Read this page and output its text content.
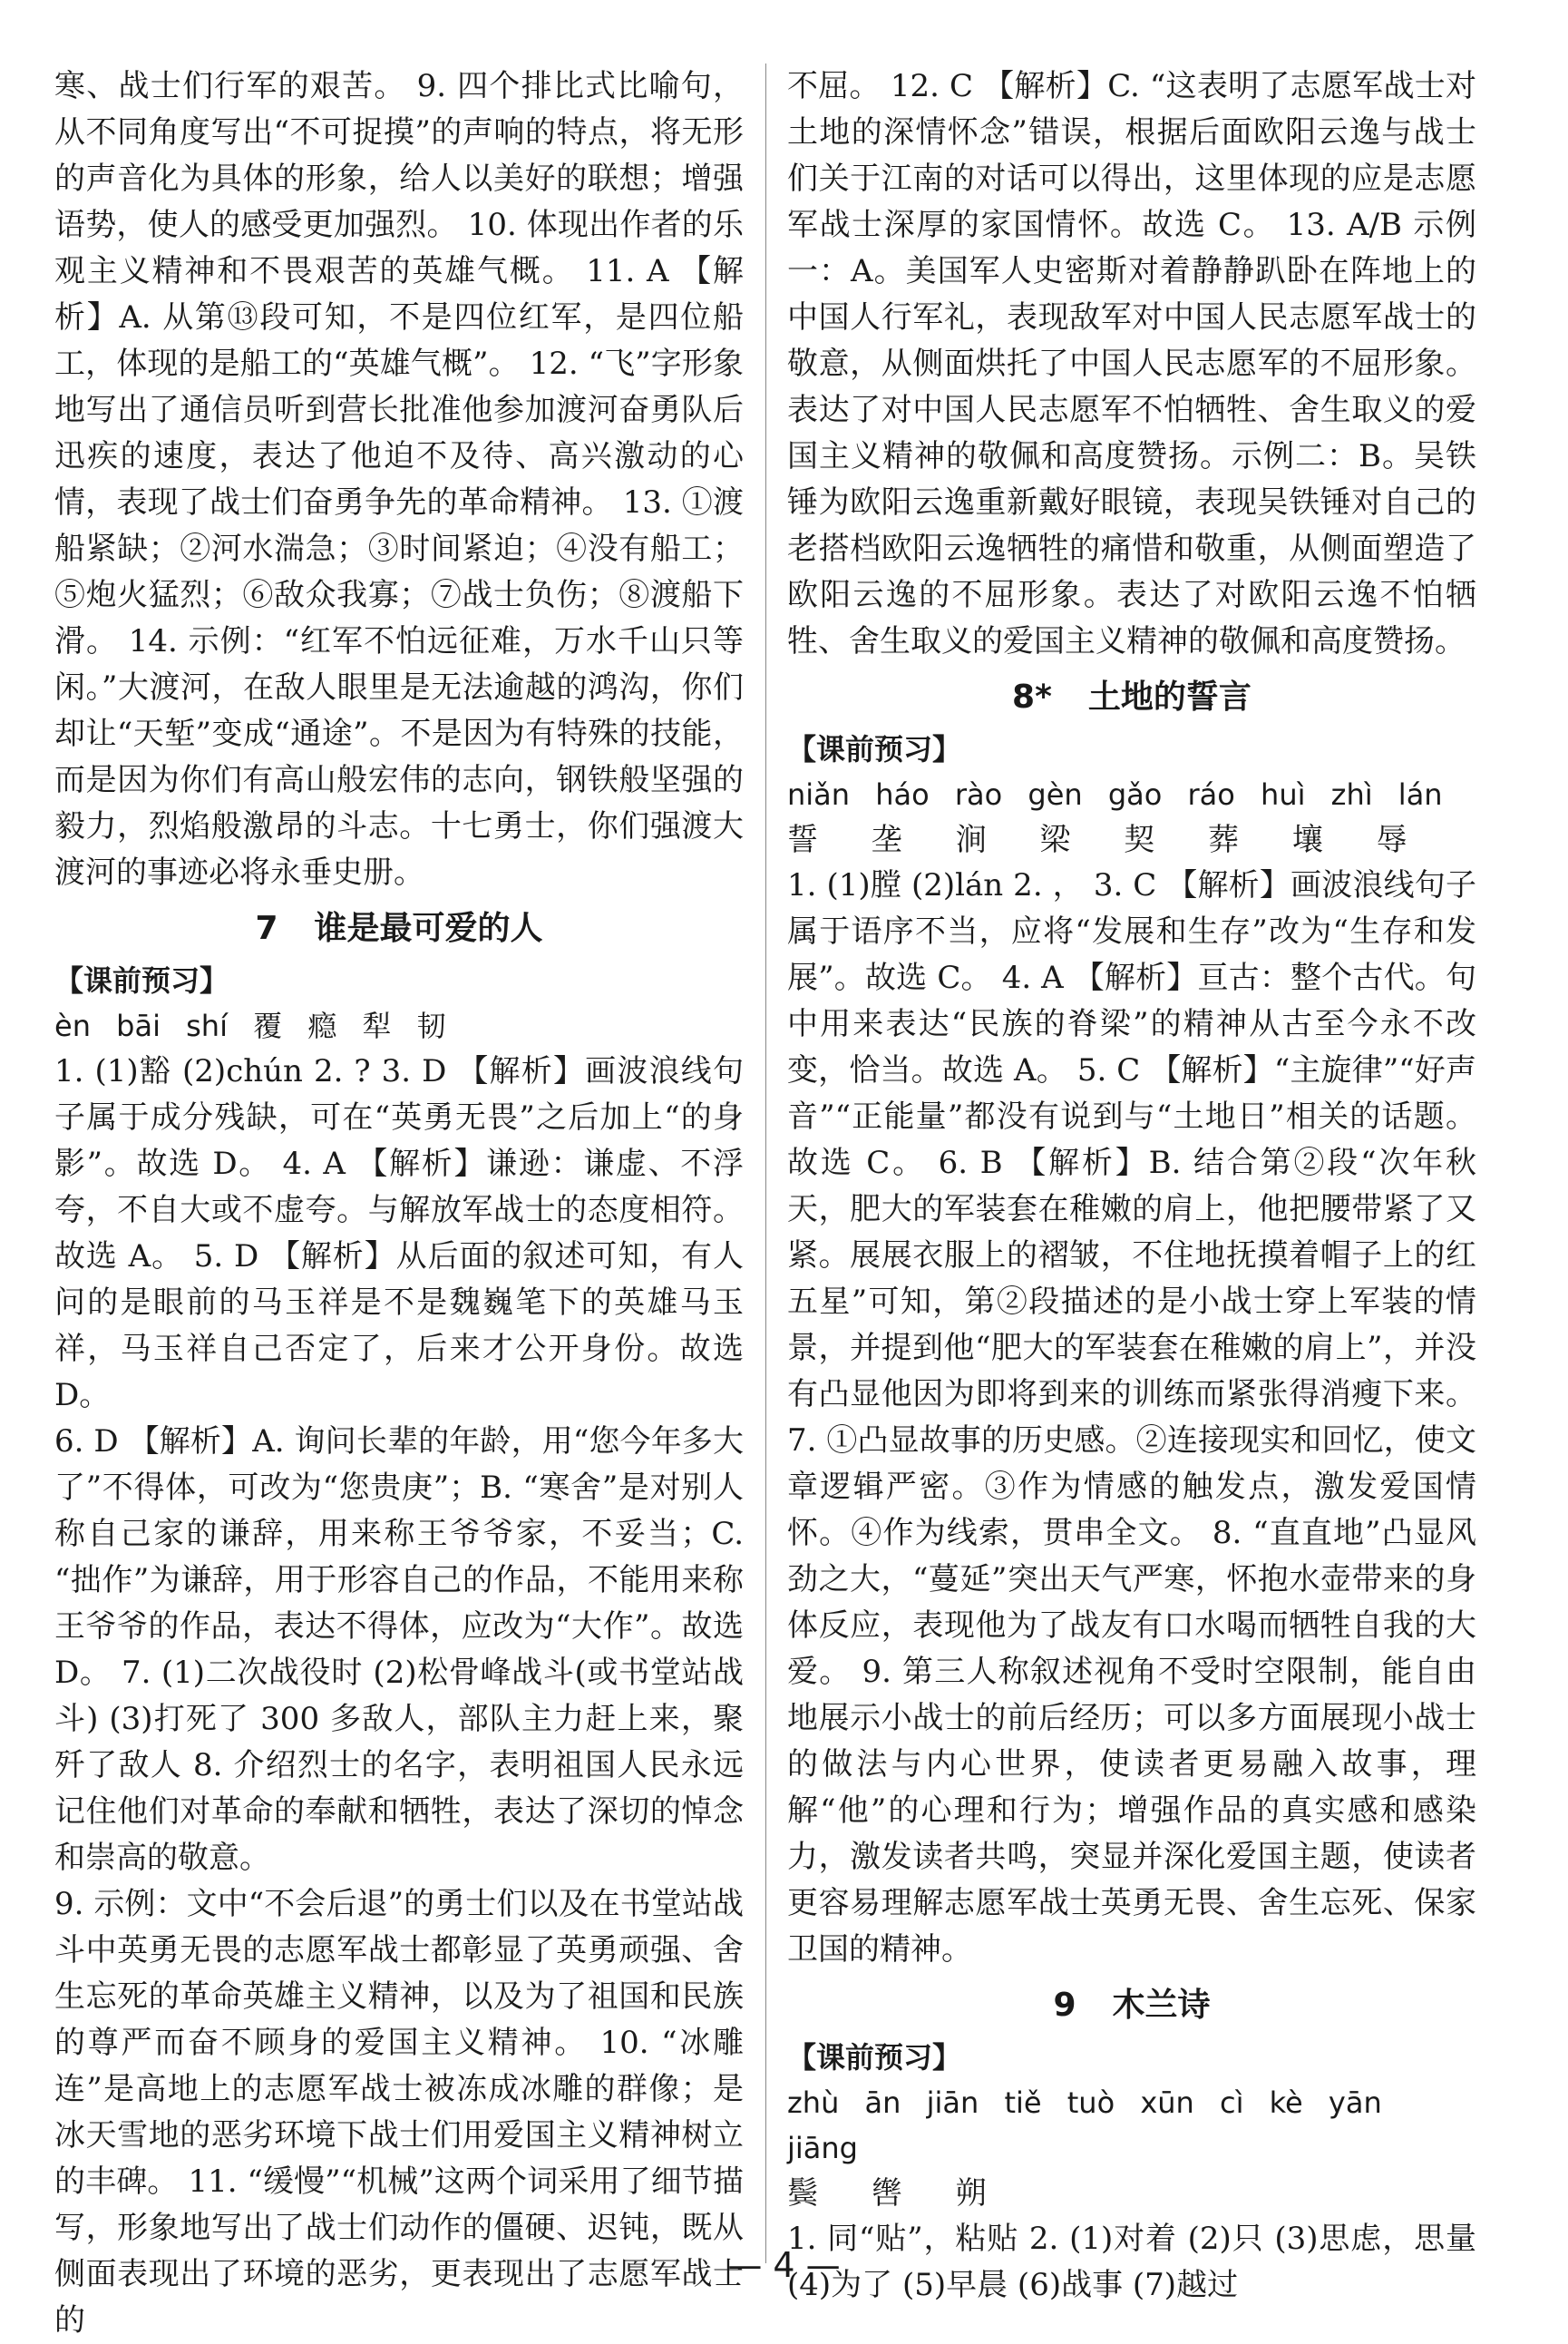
寒、战士们行军的艰苦。 9. 四个排比式比喻句，从不同角度写出“不可捉摸”的声响的特点，将无形的声音化为具体的形象，给人以美好的联想；增强语势，使人的感受更加强烈。 10. 体现出作者的乐观主义精神和不畏艰苦的英雄气概。 11. A 【解析】A. 从第⑬段可知，不是四位红军，是四位船工，体现的是船工的“英雄气概”。 12. “飞”字形象地写出了通信员听到营长批准他参加渡河奋勇队后迅疾的速度，表达了他迫不及待、高兴激动的心情，表现了战士们奋勇争先的革命精神。 13. ①渡船紧缺；②河水湍急；③时间紧迫；④没有船工；⑤炮火猛烈；⑥敌众我寡；⑦战士负伤；⑧渡船下滑。 14. 示例：“红军不怕远征难，万水千山只等闲。”大渡河，在敌人眼里是无法逾越的鸿沟，你们却让“天堑”变成“通途”。不是因为有特殊的技能，而是因为你们有高山般宏伟的志向，钢铁般坚强的毅力，烈焰般激昂的斗志。十七勇士，你们强渡大渡河的事迹必将永垂史册。

7 谁是最可爱的人
【课前预习】
èn bāi shí 覆 瘾 犁 韧

1. (1)豁 (2)chún 2. ? 3. D 【解析】画波浪线句子属于成分残缺，可在“英勇无畏”之后加上“的身影”。故选 D。 4. A 【解析】谦逊：谦虚、不浮夸，不自大或不虚夸。与解放军战士的态度相符。故选 A。 5. D 【解析】从后面的叙述可知，有人问的是眼前的马玉祥是不是魏巍笔下的英雄马玉祥，马玉祥自己否定了，后来才公开身份。故选 D。

6. D 【解析】A. 询问长辈的年龄，用“您今年多大了”不得体，可改为“您贵庚”；B. “寒舍”是对别人称自己家的谦辞，用来称王爷爷家，不妥当；C. “拙作”为谦辞，用于形容自己的作品，不能用来称王爷爷的作品，表达不得体，应改为“大作”。故选 D。 7. (1)二次战役时 (2)松骨峰战斗(或书堂站战斗) (3)打死了 300 多敌人，部队主力赶上来，聚歼了敌人 8. 介绍烈士的名字，表明祖国人民永远记住他们对革命的奉献和牺牲，表达了深切的悼念和崇高的敬意。

9. 示例：文中“不会后退”的勇士们以及在书堂站战斗中英勇无畏的志愿军战士都彰显了英勇顽强、舍生忘死的革命英雄主义精神，以及为了祖国和民族的尊严而奋不顾身的爱国主义精神。 10. “冰雕连”是高地上的志愿军战士被冻成冰雕的群像；是冰天雪地的恶劣环境下战士们用爱国主义精神树立的丰碑。 11. “缓慢”“机械”这两个词采用了细节描写，形象地写出了战士们动作的僵硬、迟钝，既从侧面表现出了环境的恶劣，更表现出了志愿军战士的

不屈。 12. C 【解析】C. “这表明了志愿军战士对土地的深情怀念”错误，根据后面欧阳云逸与战士们关于江南的对话可以得出，这里体现的应是志愿军战士深厚的家国情怀。故选 C。 13. A/B 示例一：A。美国军人史密斯对着静静趴卧在阵地上的中国人行军礼，表现敌军对中国人民志愿军战士的敬意，从侧面烘托了中国人民志愿军的不屈形象。表达了对中国人民志愿军不怕牺牲、舍生取义的爱国主义精神的敬佩和高度赞扬。示例二：B。吴铁锤为欧阳云逸重新戴好眼镜，表现吴铁锤对自己的老搭档欧阳云逸牺牲的痛惜和敬重，从侧面塑造了欧阳云逸的不屈形象。表达了对欧阳云逸不怕牺牲、舍生取义的爱国主义精神的敬佩和高度赞扬。

8* 土地的誓言
【课前预习】
niǎn háo rào gèn gǎo ráo huì zhì lán
誓 垄 涧 梁 契 葬 壤 辱

1. (1)膛 (2)lán 2. ， 3. C 【解析】画波浪线句子属于语序不当，应将“发展和生存”改为“生存和发展”。故选 C。 4. A 【解析】亘古：整个古代。句中用来表达“民族的脊梁”的精神从古至今永不改变，恰当。故选 A。 5. C 【解析】“主旋律”“好声音”“正能量”都没有说到与“土地日”相关的话题。故选 C。 6. B 【解析】B. 结合第②段“次年秋天，肥大的军装套在稚嫩的肩上，他把腰带紧了又紧。展展衣服上的褶皱，不住地抚摸着帽子上的红五星”可知，第②段描述的是小战士穿上军装的情景，并提到他“肥大的军装套在稚嫩的肩上”，并没有凸显他因为即将到来的训练而紧张得消瘦下来。 7. ①凸显故事的历史感。②连接现实和回忆，使文章逻辑严密。③作为情感的触发点，激发爱国情怀。④作为线索，贯串全文。 8. “直直地”凸显风劲之大，“蔓延”突出天气严寒，怀抱水壶带来的身体反应，表现他为了战友有口水喝而牺牲自我的大爱。 9. 第三人称叙述视角不受时空限制，能自由地展示小战士的前后经历；可以多方面展现小战士的做法与内心世界，使读者更易融入故事，理解“他”的心理和行为；增强作品的真实感和感染力，激发读者共鸣，突显并深化爱国主题，使读者更容易理解志愿军战士英勇无畏、舍生忘死、保家卫国的精神。

9 木兰诗
【课前预习】
zhù ān jiān tiě tuò xūn cì kè yān jiāng
鬓 辔 朔

1. 同“贴”，粘贴 2. (1)对着 (2)只 (3)思虑，思量 (4)为了 (5)早晨 (6)战事 (7)越过

— 4 —
